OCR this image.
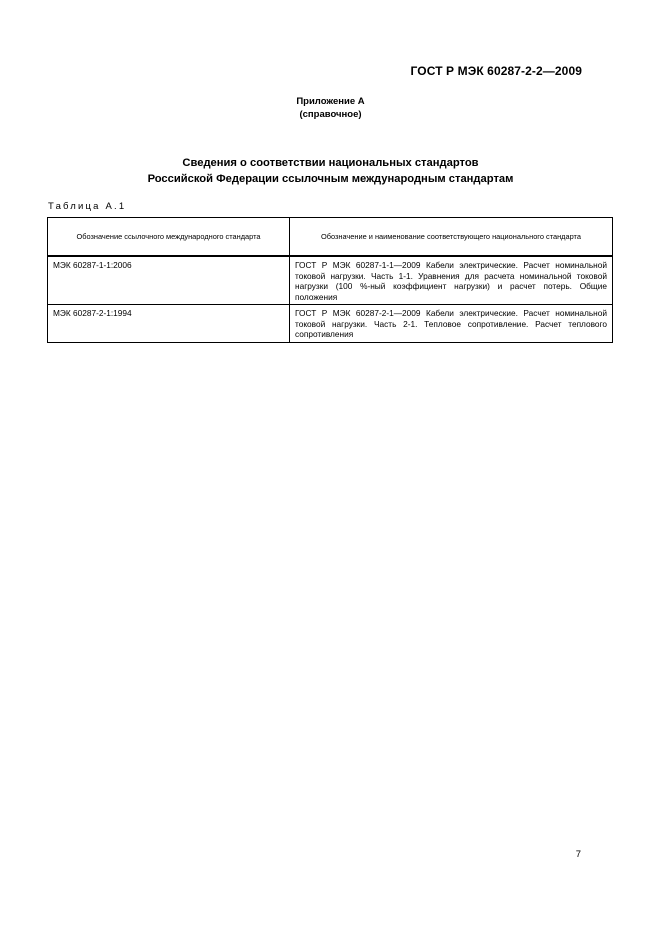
ГОСТ Р МЭК 60287-2-2—2009
Приложение А
(справочное)
Сведения о соответствии национальных стандартов
Российской Федерации ссылочным международным стандартам
Таблица А.1
Обозначение ссылочного международного стандарта	Обозначение и наименование соответствующего национального стандарта
МЭК 60287-1-1:2006	ГОСТ Р МЭК 60287-1-1—2009 Кабели электрические. Расчет номинальной токовой нагрузки. Часть 1-1. Уравнения для расчета номинальной токовой нагрузки (100 %-ный коэффициент нагрузки) и расчет потерь. Общие положения
МЭК 60287-2-1:1994	ГОСТ Р МЭК 60287-2-1—2009 Кабели электрические. Расчет номинальной токовой нагрузки. Часть 2-1. Тепловое сопротивление. Расчет теплового сопротивления
7
